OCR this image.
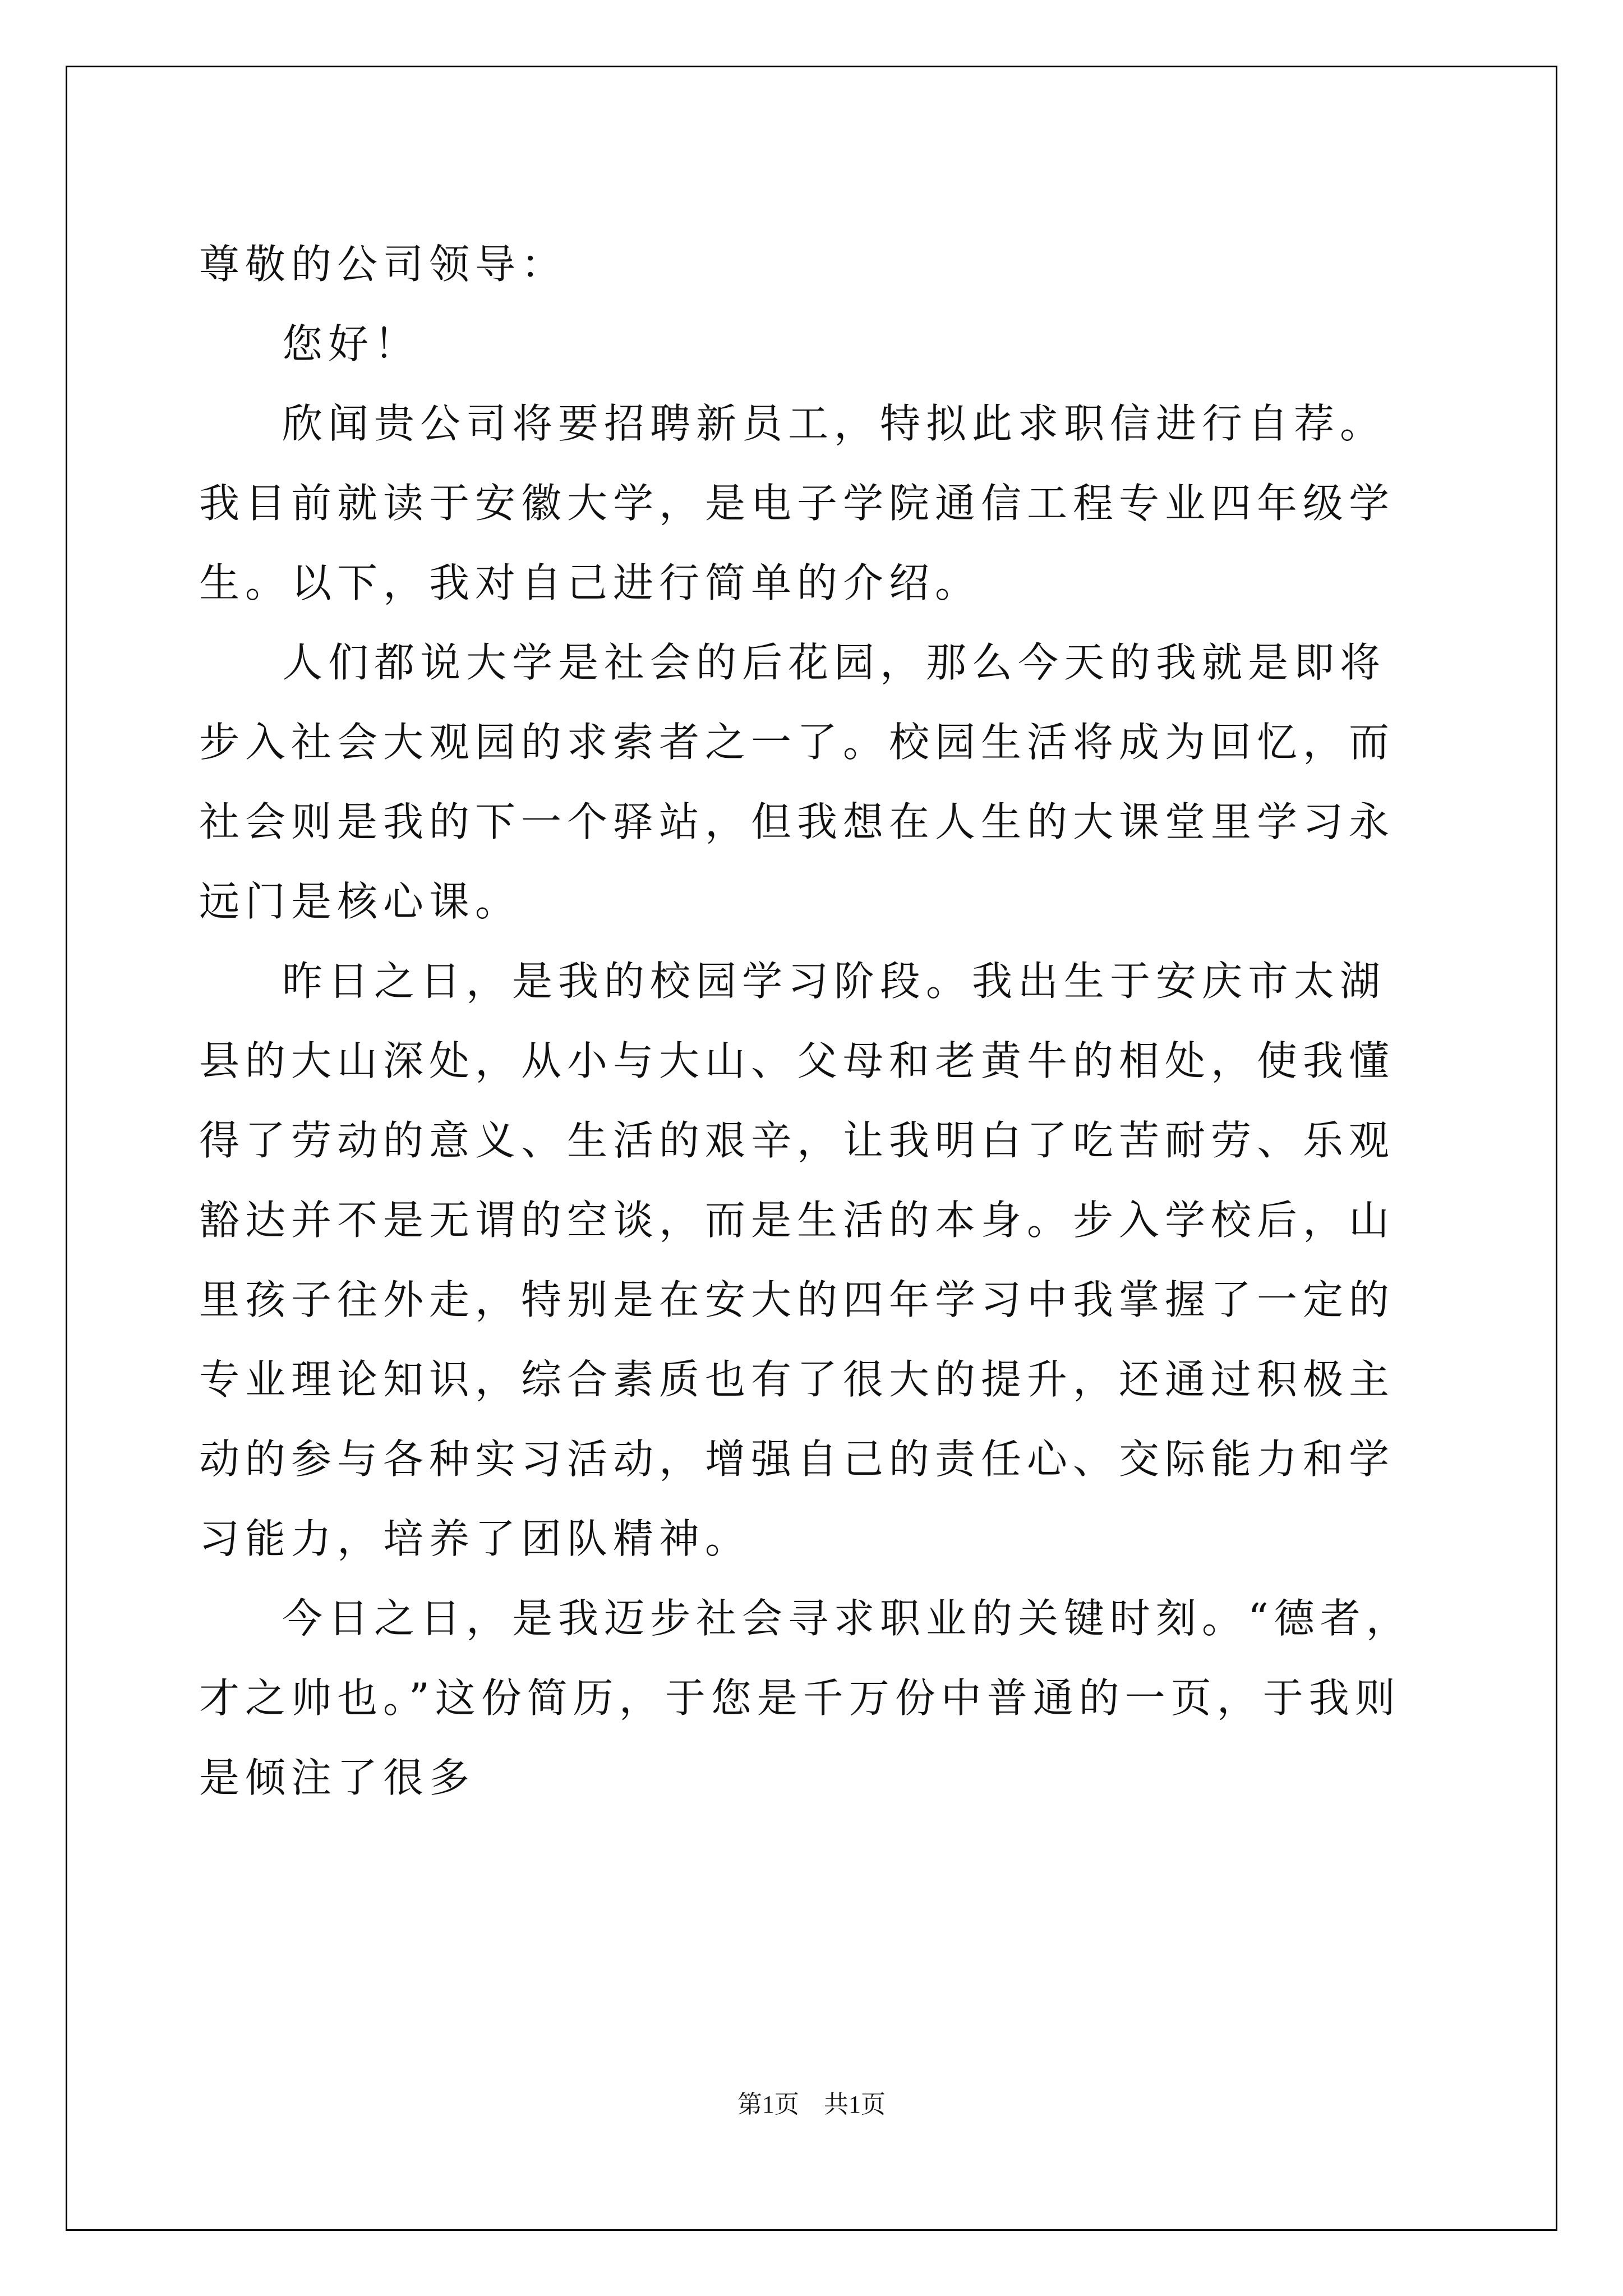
尊敬的公司领导：

您好！

欣闻贵公司将要招聘新员工，特拟此求职信进行自荐。我目前就读于安徽大学，是电子学院通信工程专业四年级学生。以下，我对自己进行简单的介绍。

人们都说大学是社会的后花园，那么今天的我就是即将步入社会大观园的求索者之一了。校园生活将成为回忆，而社会则是我的下一个驿站，但我想在人生的大课堂里学习永远门是核心课。

昨日之日，是我的校园学习阶段。我出生于安庆市太湖县的大山深处，从小与大山、父母和老黄牛的相处，使我懂得了劳动的意义、生活的艰辛，让我明白了吃苦耐劳、乐观豁达并不是无谓的空谈，而是生活的本身。步入学校后，山里孩子往外走，特别是在安大的四年学习中我掌握了一定的专业理论知识，综合素质也有了很大的提升，还通过积极主动的参与各种实习活动，增强自己的责任心、交际能力和学习能力，培养了团队精神。

今日之日，是我迈步社会寻求职业的关键时刻。“德者，才之帅也。”这份简历，于您是千万份中普通的一页，于我则是倾注了很多

第1页　共1页
